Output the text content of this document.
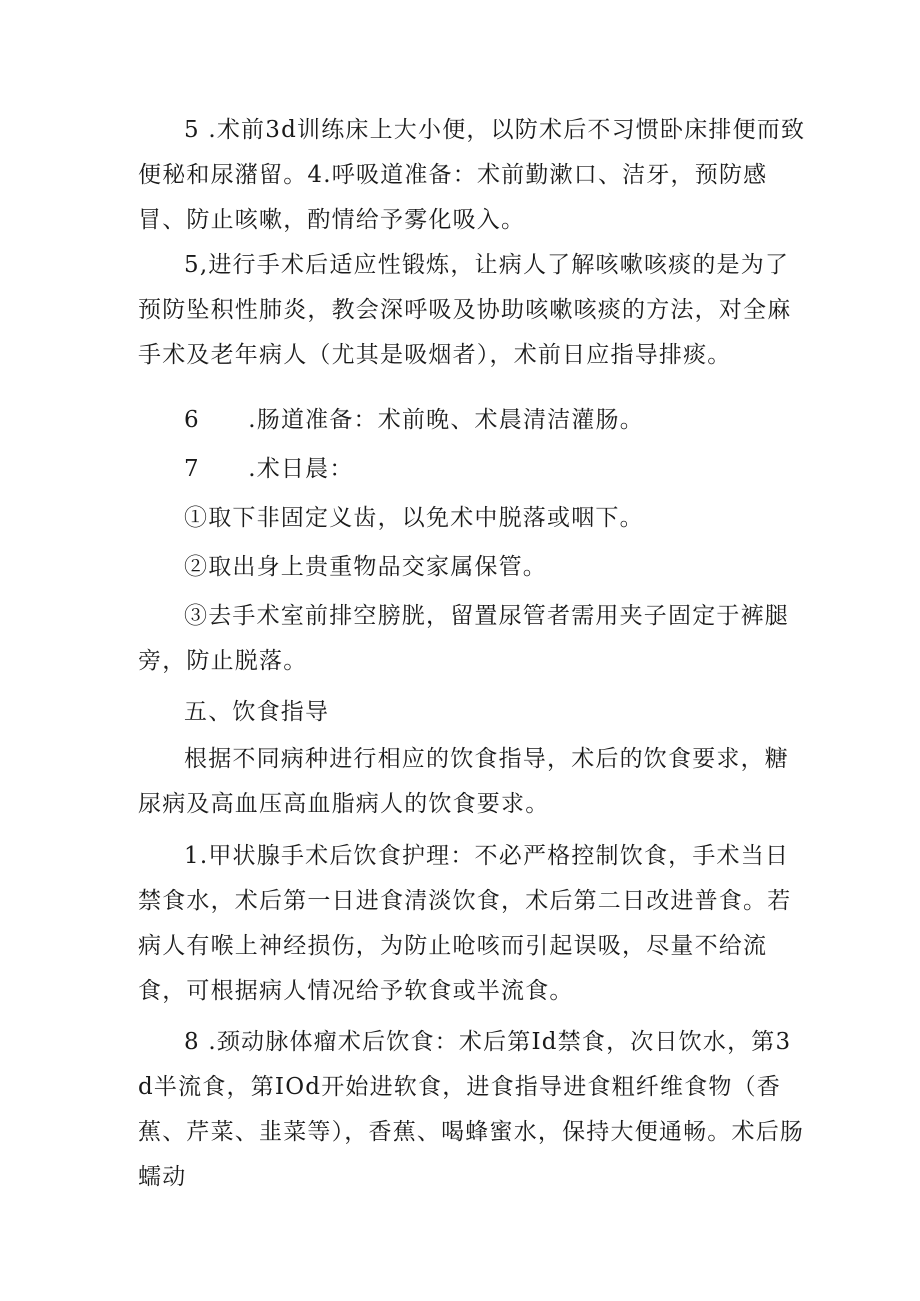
5 .术前3d训练床上大小便，以防术后不习惯卧床排便而致便秘和尿潴留。4.呼吸道准备：术前勤漱口、洁牙，预防感冒、防止咳嗽，酌情给予雾化吸入。

5,进行手术后适应性锻炼，让病人了解咳嗽咳痰的是为了预防坠积性肺炎，教会深呼吸及协助咳嗽咳痰的方法，对全麻手术及老年病人（尤其是吸烟者），术前日应指导排痰。

6　　.肠道准备：术前晚、术晨清洁灌肠。

7　　.术日晨：

①取下非固定义齿，以免术中脱落或咽下。

②取出身上贵重物品交家属保管。

③去手术室前排空膀胱，留置尿管者需用夹子固定于裤腿旁，防止脱落。

五、饮食指导

根据不同病种进行相应的饮食指导，术后的饮食要求，糖尿病及高血压高血脂病人的饮食要求。

1.甲状腺手术后饮食护理：不必严格控制饮食，手术当日禁食水，术后第一日进食清淡饮食，术后第二日改进普食。若病人有喉上神经损伤，为防止呛咳而引起误吸，尽量不给流食，可根据病人情况给予软食或半流食。

8 .颈动脉体瘤术后饮食：术后第Id禁食，次日饮水，第3d半流食，第IOd开始进软食，进食指导进食粗纤维食物（香蕉、芹菜、韭菜等），香蕉、喝蜂蜜水，保持大便通畅。术后肠蠕动
